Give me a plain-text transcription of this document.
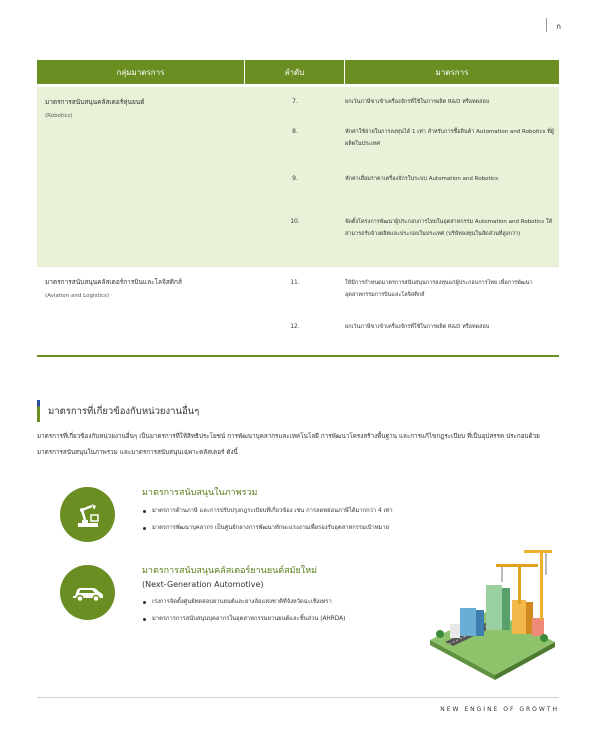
ก
กลุ่มมาตรการ	ลำดับ	มาตรการ
มาตรการสนับสนุนคลัสเตอร์หุ่นยนต์
(Robotics)
7.	ยกเว้นภาษีขาเข้าเครื่องจักรที่ใช้ในการผลิต R&D หรือทดสอบ
8.	หักค่าใช้จ่ายในการลงทุนได้ 1 เท่า สำหรับการซื้อสินค้า Automation and Robotics ที่ผู้ผลิตในประเทศ
9.	หักค่าเสื่อมราคาเครื่องจักรในระบบ Automation and Robotics
10.	จัดตั้งโครงการพัฒนาผู้ประกอบการไทยในอุตสาหกรรม Automation and Robotics ให้สามารถรับจ้างผลิตและประกอบในประเทศ (บริษัทลงทุนในสัดส่วนที่สูงกว่า)
มาตรการสนับสนุนคลัสเตอร์การบินและโลจิสติกส์
(Aviation and Logistics)
11.	ให้มีการกำหนดมาตรการสนับสนุนการลงทุนแก่ผู้ประกอบการไทย เพื่อการพัฒนาอุตสาหกรรมการบินและโลจิสติกส์
12.	ยกเว้นภาษีขาเข้าเครื่องจักรที่ใช้ในการผลิต R&D หรือทดสอบ
มาตรการที่เกี่ยวข้องกับหน่วยงานอื่นๆ
มาตรการที่เกี่ยวข้องกับหน่วยงานอื่นๆ เป็นมาตรการที่ให้สิทธิประโยชน์ การพัฒนาบุคลากรและเทคโนโลยี การพัฒนาโครงสร้างพื้นฐาน และการแก้ไขกฎระเบียบ ที่เป็นอุปสรรค ประกอบด้วยมาตรการสนับสนุนในภาพรวม และมาตรการสนับสนุนเฉพาะคลัสเตอร์ ดังนี้
มาตรการสนับสนุนในภาพรวม
มาตรการด้านภาษี และการปรับปรุงกฎระเบียบที่เกี่ยวข้อง เช่น การลดหย่อนภาษีได้มากกว่า 4 เท่า
มาตรการพัฒนาบุคลากร เป็นศูนย์กลางการพัฒนาทักษะแรงงานเพื่อรองรับอุตสาหกรรมเป้าหมาย
มาตรการสนับสนุนคลัสเตอร์ยานยนต์สมัยใหม่
(Next-Generation Automotive)
เร่งการจัดตั้งศูนย์ทดสอบยานยนต์และยางล้อแห่งชาติที่จังหวัดฉะเชิงเทรา
มาตรการการสนับสนุนบุคลากรในอุตสาหกรรมยานยนต์และชิ้นส่วน (AHRDA)
NEW ENGINE OF GROWTH
